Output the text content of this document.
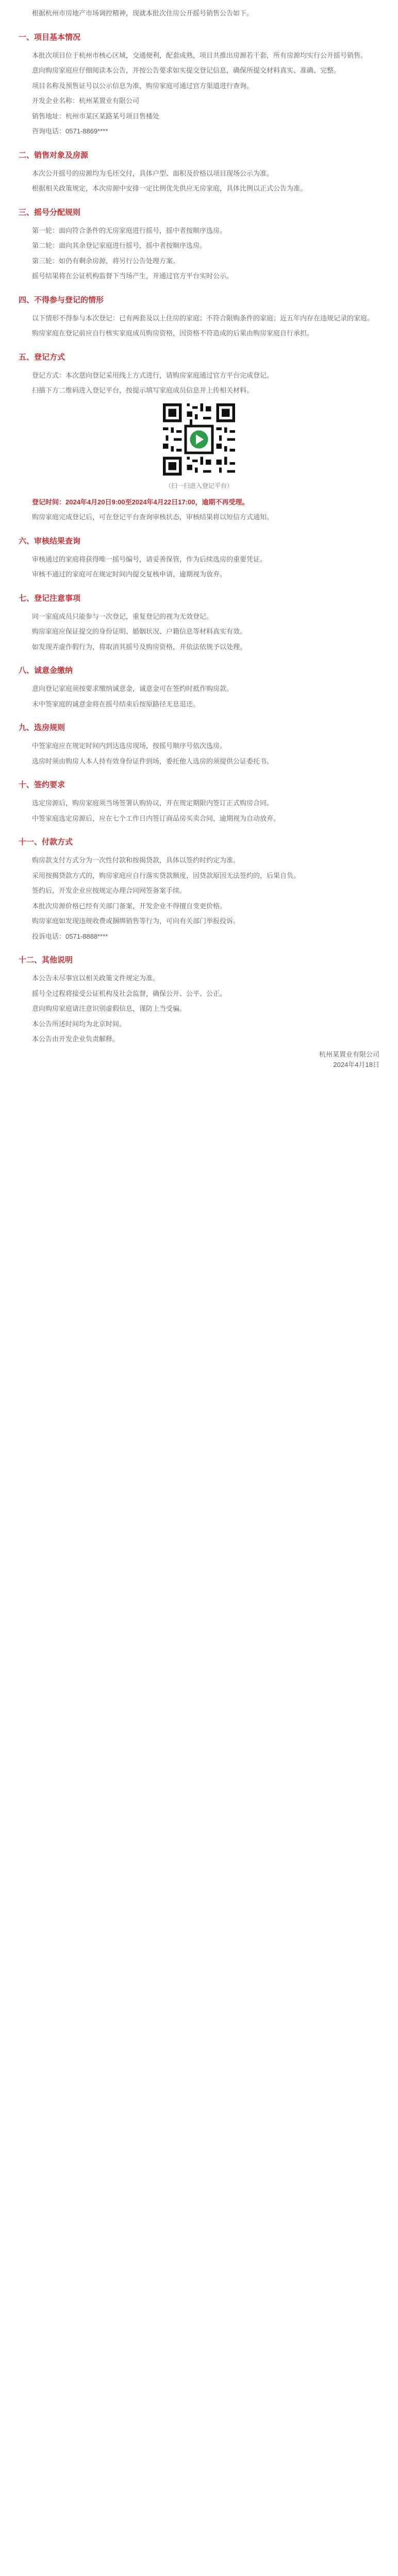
根据杭州市房地产市场调控精神，现就本批次住房公开摇号销售公告如下。

一、项目基本情况

本批次项目位于杭州市核心区域，交通便利，配套成熟，项目共推出房源若干套，所有房源均实行公开摇号销售。

意向购房家庭应仔细阅读本公告，并按公告要求如实提交登记信息，确保所提交材料真实、准确、完整。

项目名称及预售证号以公示信息为准，购房家庭可通过官方渠道进行查询。

开发企业名称：杭州某置业有限公司

销售地址：杭州市某区某路某号项目售楼处

咨询电话：0571-8869****

二、销售对象及房源

本次公开摇号的房源均为毛坯交付，具体户型、面积及价格以项目现场公示为准。

根据相关政策规定，本次房源中安排一定比例优先供应无房家庭，具体比例以正式公告为准。

三、摇号分配规则

第一轮：面向符合条件的无房家庭进行摇号，摇中者按顺序选房。

第二轮：面向其余登记家庭进行摇号，摇中者按顺序选房。

第三轮：如仍有剩余房源，将另行公告处理方案。

摇号结果将在公证机构监督下当场产生，并通过官方平台实时公示。

四、不得参与登记的情形

以下情形不得参与本次登记：已有两套及以上住房的家庭；不符合限购条件的家庭；近五年内存在违规记录的家庭。

购房家庭在登记前应自行核实家庭成员购房资格，因资格不符造成的后果由购房家庭自行承担。

五、登记方式

登记方式：本次意向登记采用线上方式进行，请购房家庭通过官方平台完成登记。

扫描下方二维码进入登记平台，按提示填写家庭成员信息并上传相关材料。

（扫一扫进入登记平台）

登记时间：2024年4月20日9:00至2024年4月22日17:00，逾期不再受理。

购房家庭完成登记后，可在登记平台查询审核状态，审核结果将以短信方式通知。

六、审核结果查询

审核通过的家庭将获得唯一摇号编号，请妥善保管，作为后续选房的重要凭证。

审核不通过的家庭可在规定时间内提交复核申请，逾期视为放弃。

七、登记注意事项

同一家庭成员只能参与一次登记，重复登记的视为无效登记。

购房家庭应保证提交的身份证明、婚姻状况、户籍信息等材料真实有效。

如发现弄虚作假行为，将取消其摇号及购房资格，并依法依规予以处理。

八、诚意金缴纳

意向登记家庭须按要求缴纳诚意金，诚意金可在签约时抵作购房款。

未中签家庭的诚意金将在摇号结束后按原路径无息退还。

九、选房规则

中签家庭应在规定时间内到达选房现场，按摇号顺序号依次选房。

选房时须由购房人本人持有效身份证件到场，委托他人选房的须提供公证委托书。

十、签约要求

选定房源后，购房家庭须当场签署认购协议，并在规定期限内签订正式购房合同。

中签家庭选定房源后，应在七个工作日内签订商品房买卖合同，逾期视为自动放弃。

十一、付款方式

购房款支付方式分为一次性付款和按揭贷款，具体以签约时约定为准。

采用按揭贷款方式的，购房家庭应自行落实贷款额度，因贷款原因无法签约的，后果自负。

签约后，开发企业应按规定办理合同网签备案手续。

本批次房源价格已经有关部门备案，开发企业不得擅自变更价格。

购房家庭如发现违规收费或捆绑销售等行为，可向有关部门举报投诉。

投诉电话：0571-8888****

十二、其他说明

本公告未尽事宜以相关政策文件规定为准。

摇号全过程将接受公证机构及社会监督，确保公开、公平、公正。

意向购房家庭请注意识别虚假信息，谨防上当受骗。

本公告所述时间均为北京时间。

本公告由开发企业负责解释。

杭州某置业有限公司

2024年4月18日
